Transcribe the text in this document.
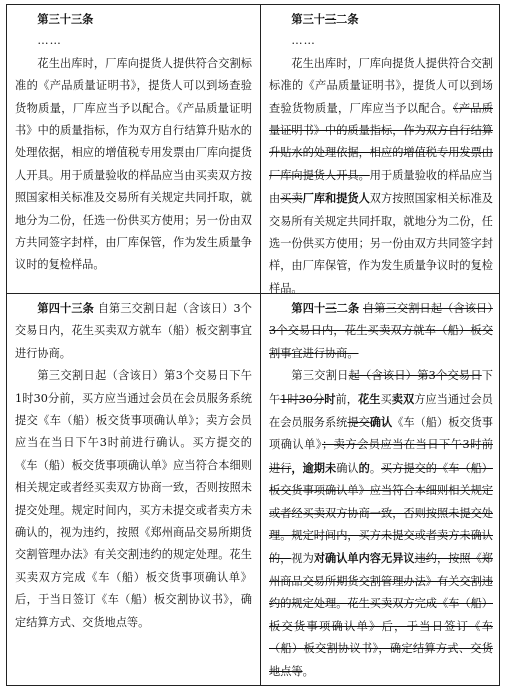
第三十三条

……

花生出库时，厂库向提货人提供符合交割标准的《产品质量证明书》，提货人可以到场查验货物质量，厂库应当予以配合。《产品质量证明书》中的质量指标，作为双方自行结算升贴水的处理依据，相应的增值税专用发票由厂库向提货人开具。用于质量验收的样品应当由买卖双方按照国家相关标准及交易所有关规定共同扦取，就地分为二份，任选一份供买方使用；另一份由双方共同签字封样，由厂库保管，作为发生质量争议时的复检样品。

第三十三二条

……

花生出库时，厂库向提货人提供符合交割标准的《产品质量证明书》，提货人可以到场查验货物质量，厂库应当予以配合。《产品质量证明书》中的质量指标，作为双方自行结算升贴水的处理依据，相应的增值税专用发票由厂库向提货人开具。用于质量验收的样品应当由买卖厂库和提货人双方按照国家相关标准及交易所有关规定共同扦取，就地分为二份，任选一份供买方使用；另一份由双方共同签字封样，由厂库保管，作为发生质量争议时的复检样品。

第四十三条 自第三交割日起（含该日）3个交易日内，花生买卖双方就车（船）板交割事宜进行协商。

第三交割日起（含该日）第3个交易日下午1时30分前，买方应当通过会员在会员服务系统提交《车（船）板交货事项确认单》；卖方会员应当在当日下午3时前进行确认。买方提交的《车（船）板交货事项确认单》应当符合本细则相关规定或者经买卖双方协商一致，否则按照未提交处理。规定时间内，买方未提交或者卖方未确认的，视为违约，按照《郑州商品交易所期货交割管理办法》有关交割违约的规定处理。花生买卖双方完成《车（船）板交货事项确认单》后，于当日签订《车（船）板交割协议书》，确定结算方式、交货地点等。

第四十三二条 自第三交割日起（含该日）3个交易日内，花生买卖双方就车（船）板交割事宜进行协商。

第三交割日起（含该日）第3个交易日下午1时30分时前，花生买卖双方应当通过会员在会员服务系统提交确认《车（船）板交货事项确认单》；卖方会员应当在当日下午3时前进行，逾期未确认的。买方提交的《车（船）板交货事项确认单》应当符合本细则相关规定或者经买卖双方协商一致，否则按照未提交处理。规定时间内，买方未提交或者卖方未确认的，视为对确认单内容无异议违约，按照《郑州商品交易所期货交割管理办法》有关交割违约的规定处理。花生买卖双方完成《车（船）板交货事项确认单》后，于当日签订《车（船）板交割协议书》，确定结算方式、交货地点等。
